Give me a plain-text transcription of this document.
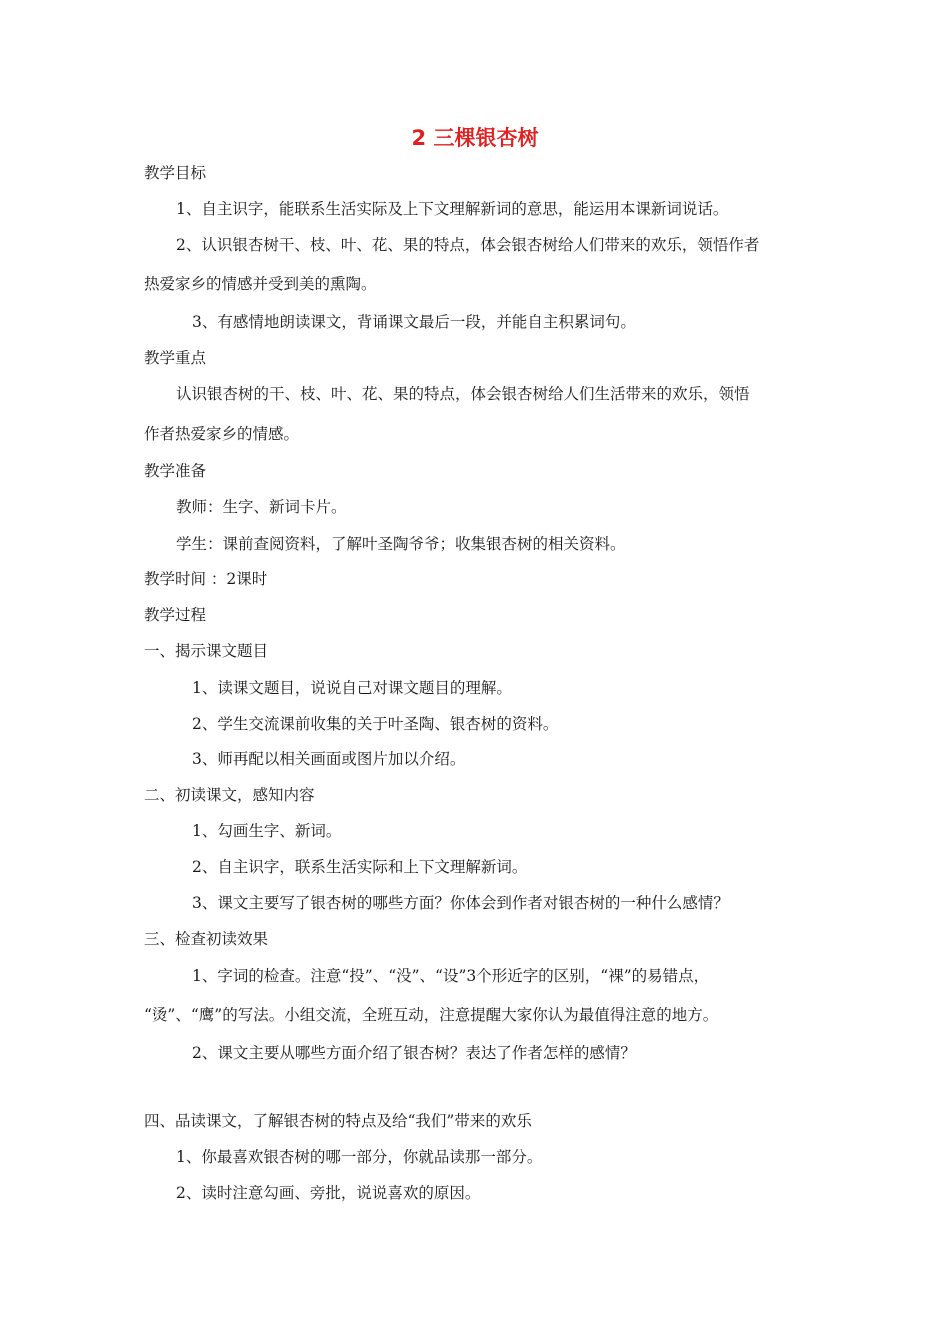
2 三棵银杏树
教学目标
1、自主识字，能联系生活实际及上下文理解新词的意思，能运用本课新词说话。
2、认识银杏树干、枝、叶、花、果的特点，体会银杏树给人们带来的欢乐，领悟作者
热爱家乡的情感并受到美的熏陶。
3、有感情地朗读课文，背诵课文最后一段，并能自主积累词句。
教学重点
认识银杏树的干、枝、叶、花、果的特点，体会银杏树给人们生活带来的欢乐，领悟
作者热爱家乡的情感。
教学准备
教师：生字、新词卡片。
学生：课前查阅资料，了解叶圣陶爷爷；收集银杏树的相关资料。
教学时间 ：2课时
教学过程
一、揭示课文题目
1、读课文题目，说说自己对课文题目的理解。
2、学生交流课前收集的关于叶圣陶、银杏树的资料。
3、师再配以相关画面或图片加以介绍。
二、初读课文，感知内容
1、勾画生字、新词。
2、自主识字，联系生活实际和上下文理解新词。
3、课文主要写了银杏树的哪些方面？你体会到作者对银杏树的一种什么感情？
三、检查初读效果
1、字词的检查。注意“投”、“没”、“设”3个形近字的区别，“裸”的易错点，
“烫”、“鹰”的写法。小组交流，全班互动，注意提醒大家你认为最值得注意的地方。
2、课文主要从哪些方面介绍了银杏树？表达了作者怎样的感情？
四、品读课文，了解银杏树的特点及给“我们”带来的欢乐
1、你最喜欢银杏树的哪一部分，你就品读那一部分。
2、读时注意勾画、旁批，说说喜欢的原因。
